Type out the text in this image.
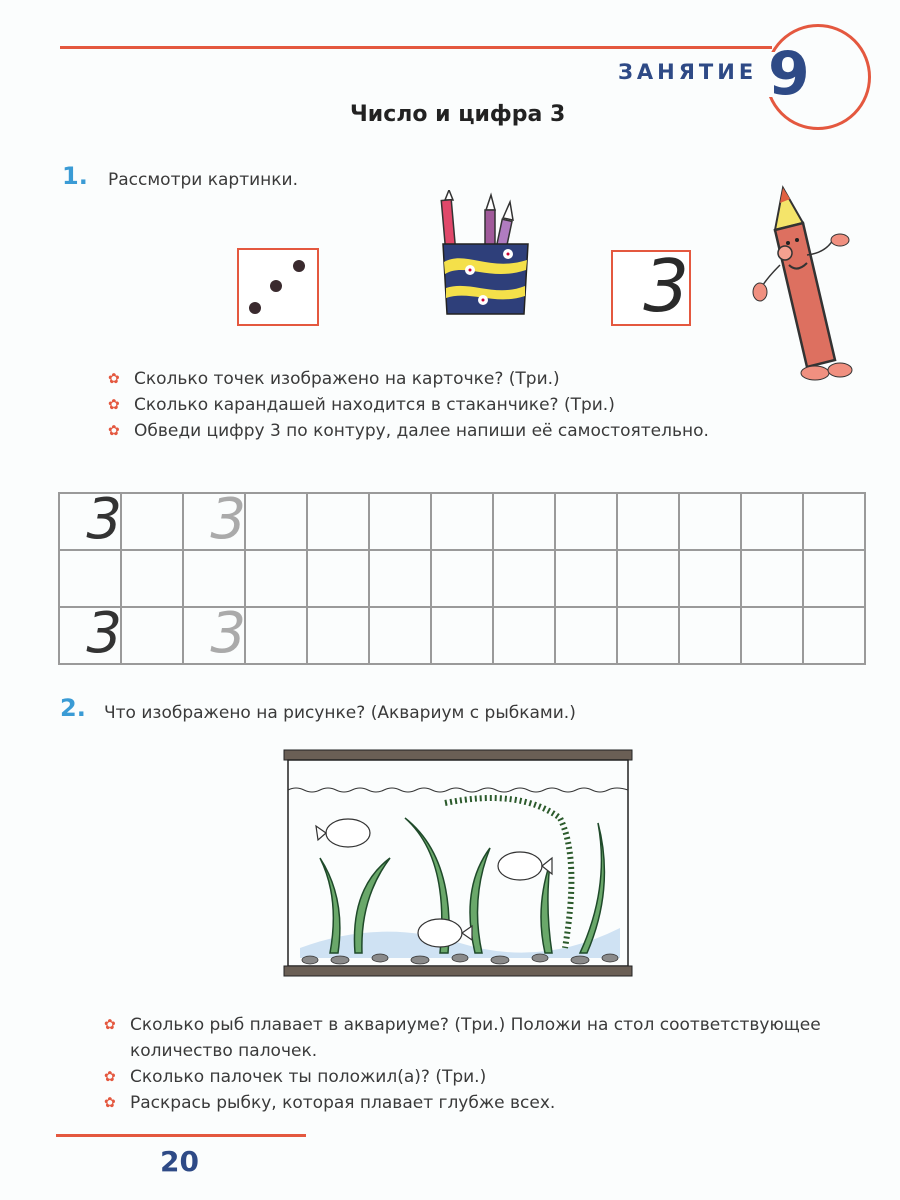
ЗАНЯТИЕ 9
Число и цифра 3
1. Рассмотри картинки.
3
✿ Сколько точек изображено на карточке? (Три.)
✿ Сколько карандашей находится в стаканчике? (Три.)
✿ Обведи цифру 3 по контуру, далее напиши её самостоятельно.
3		3										

3		3										

2. Что изображено на рисунке? (Аквариум с рыбками.)
✿ Сколько рыб плавает в аквариуме? (Три.) Положи на стол соответствующее количество палочек.
✿ Сколько палочек ты положил(а)? (Три.)
✿ Раскрась рыбку, которая плавает глубже всех.
20
